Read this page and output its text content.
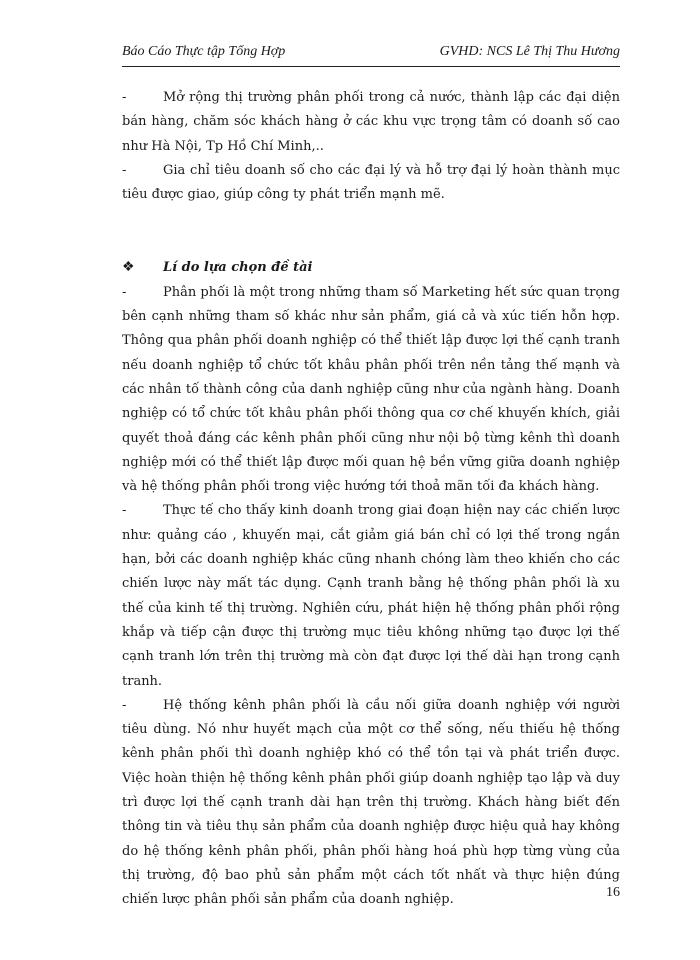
Báo Cáo Thực tập Tổng Hợp	GVHD: NCS Lê Thị Thu Hương

-	Mở rộng thị trường phân phối trong cả nước, thành lập các đại diện bán hàng, chăm sóc khách hàng ở các khu vực trọng tâm có doanh số cao như Hà Nội, Tp Hồ Chí Minh,..

-	Gia chỉ tiêu doanh số cho các đại lý và hỗ trợ đại lý hoàn thành mục tiêu được giao, giúp công ty phát triển mạnh mẽ.

❖ Lí do lựa chọn đề tài

-	Phân phối là một trong những tham số Marketing hết sức quan trọng bên cạnh những tham số khác như sản phẩm, giá cả và xúc tiến hỗn hợp. Thông qua phân phối doanh nghiệp có thể thiết lập được lợi thế cạnh tranh nếu doanh nghiệp tổ chức tốt khâu phân phối trên nền tảng thế mạnh và các nhân tố thành công của danh nghiệp cũng như của ngành hàng. Doanh nghiệp có tổ chức tốt khâu phân phối thông qua cơ chế khuyến khích, giải quyết thoả đáng các kênh phân phối cũng như nội bộ từng kênh thì doanh nghiệp mới có thể thiết lập được mối quan hệ bền vững giữa doanh nghiệp và hệ thống phân phối trong việc hướng tới thoả mãn tối đa khách hàng.

-	Thực tế cho thấy kinh doanh trong giai đoạn hiện nay các chiến lược như: quảng cáo , khuyến mại, cắt giảm giá bán chỉ có lợi thế trong ngắn hạn, bởi các doanh nghiệp khác cũng nhanh chóng làm theo khiến cho các chiến lược này mất tác dụng. Cạnh tranh bằng hệ thống phân phối là xu thế của kinh tế thị trường. Nghiên cứu, phát hiện hệ thống phân phối rộng khắp và tiếp cận được thị trường mục tiêu không những tạo được lợi thế cạnh tranh lớn trên thị trường mà còn đạt được lợi thế dài hạn trong cạnh tranh.

-	Hệ thống kênh phân phối là cầu nối giữa doanh nghiệp với người tiêu dùng. Nó như huyết mạch của một cơ thể sống, nếu thiếu hệ thống kênh phân phối thì doanh nghiệp khó có thể tồn tại và phát triển được. Việc hoàn thiện hệ thống kênh phân phối giúp doanh nghiệp tạo lập và duy trì được lợi thế cạnh tranh dài hạn trên thị trường. Khách hàng biết đến thông tin và tiêu thụ sản phẩm của doanh nghiệp được hiệu quả hay không do hệ thống kênh phân phối, phân phối hàng hoá phù hợp từng vùng của thị trường, độ bao phủ sản phẩm một cách tốt nhất và thực hiện đúng chiến lược phân phối sản phẩm của doanh nghiệp.	16
